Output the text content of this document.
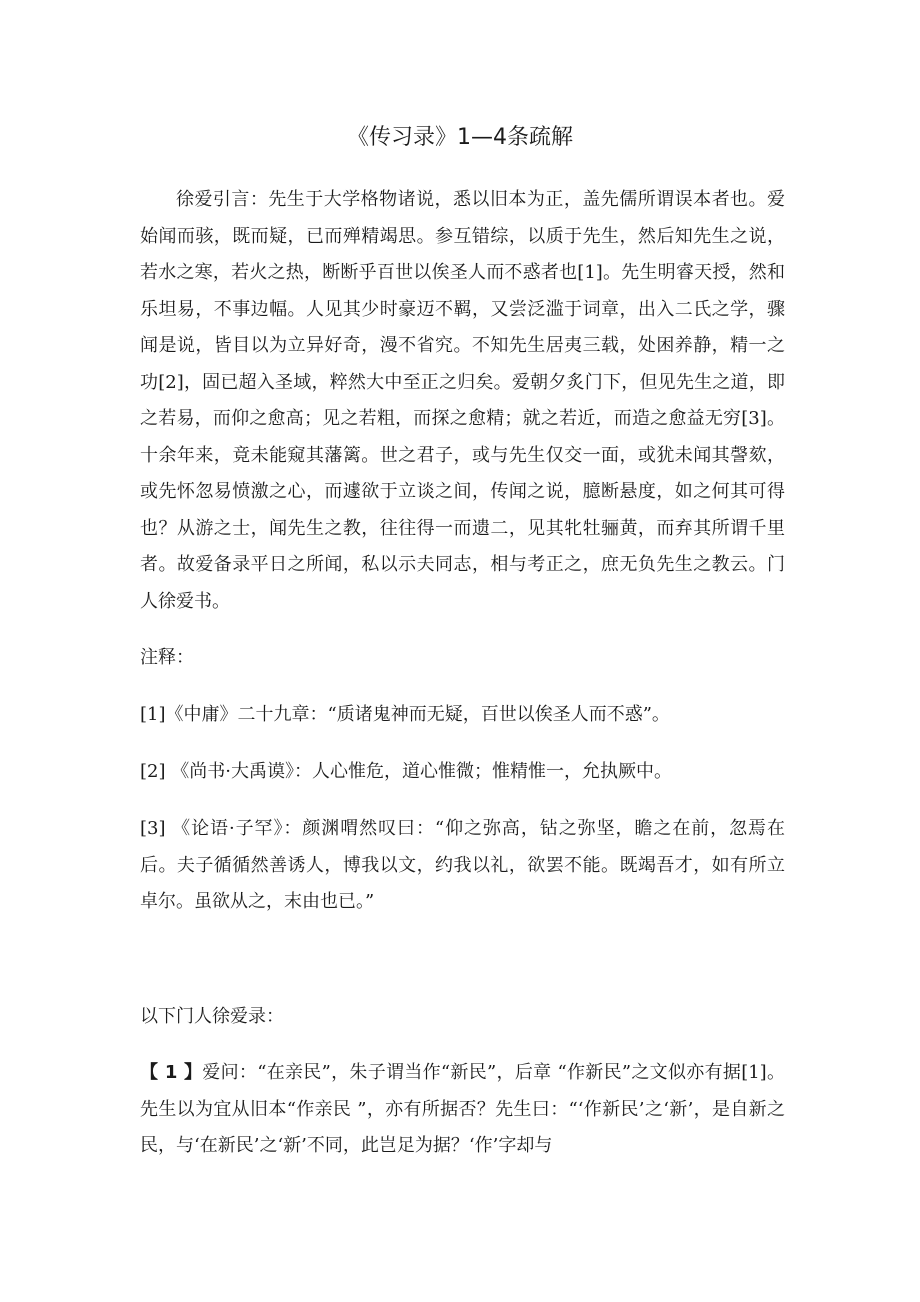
《传习录》1—4条疏解

徐爱引言：先生于大学格物诸说，悉以旧本为正，盖先儒所谓误本者也。爱始闻而骇，既而疑，已而殚精竭思。参互错综，以质于先生，然后知先生之说，若水之寒，若火之热，断断乎百世以俟圣人而不惑者也[1]。先生明睿天授，然和乐坦易，不事边幅。人见其少时豪迈不羁，又尝泛滥于词章，出入二氏之学，骤闻是说，皆目以为立异好奇，漫不省究。不知先生居夷三载，处困养静，精一之功[2]，固已超入圣域，粹然大中至正之归矣。爱朝夕炙门下，但见先生之道，即之若易，而仰之愈高；见之若粗，而探之愈精；就之若近，而造之愈益无穷[3]。十余年来，竟未能窥其藩篱。世之君子，或与先生仅交一面，或犹未闻其謦欬，或先怀忽易愤激之心，而遽欲于立谈之间，传闻之说，臆断悬度，如之何其可得也？从游之士，闻先生之教，往往得一而遗二，见其牝牡骊黄，而弃其所谓千里者。故爱备录平日之所闻，私以示夫同志，相与考正之，庶无负先生之教云。门人徐爱书。

注释：

[1]《中庸》二十九章：“质诸鬼神而无疑，百世以俟圣人而不惑”。

[2] 《尚书·大禹谟》：人心惟危，道心惟微；惟精惟一，允执厥中。

[3] 《论语·子罕》：颜渊喟然叹曰：“仰之弥高，钻之弥坚，瞻之在前，忽焉在后。夫子循循然善诱人，博我以文，约我以礼，欲罢不能。既竭吾才，如有所立卓尔。虽欲从之，末由也已。”

以下门人徐爱录：

【 1 】爱问：“在亲民”，朱子谓当作“新民”，后章 “作新民”之文似亦有据[1]。先生以为宜从旧本“作亲民 ”，亦有所据否？先生曰：“‘作新民’之‘新’，是自新之民，与‘在新民’之‘新’不同，此岂足为据？‘作’字却与
